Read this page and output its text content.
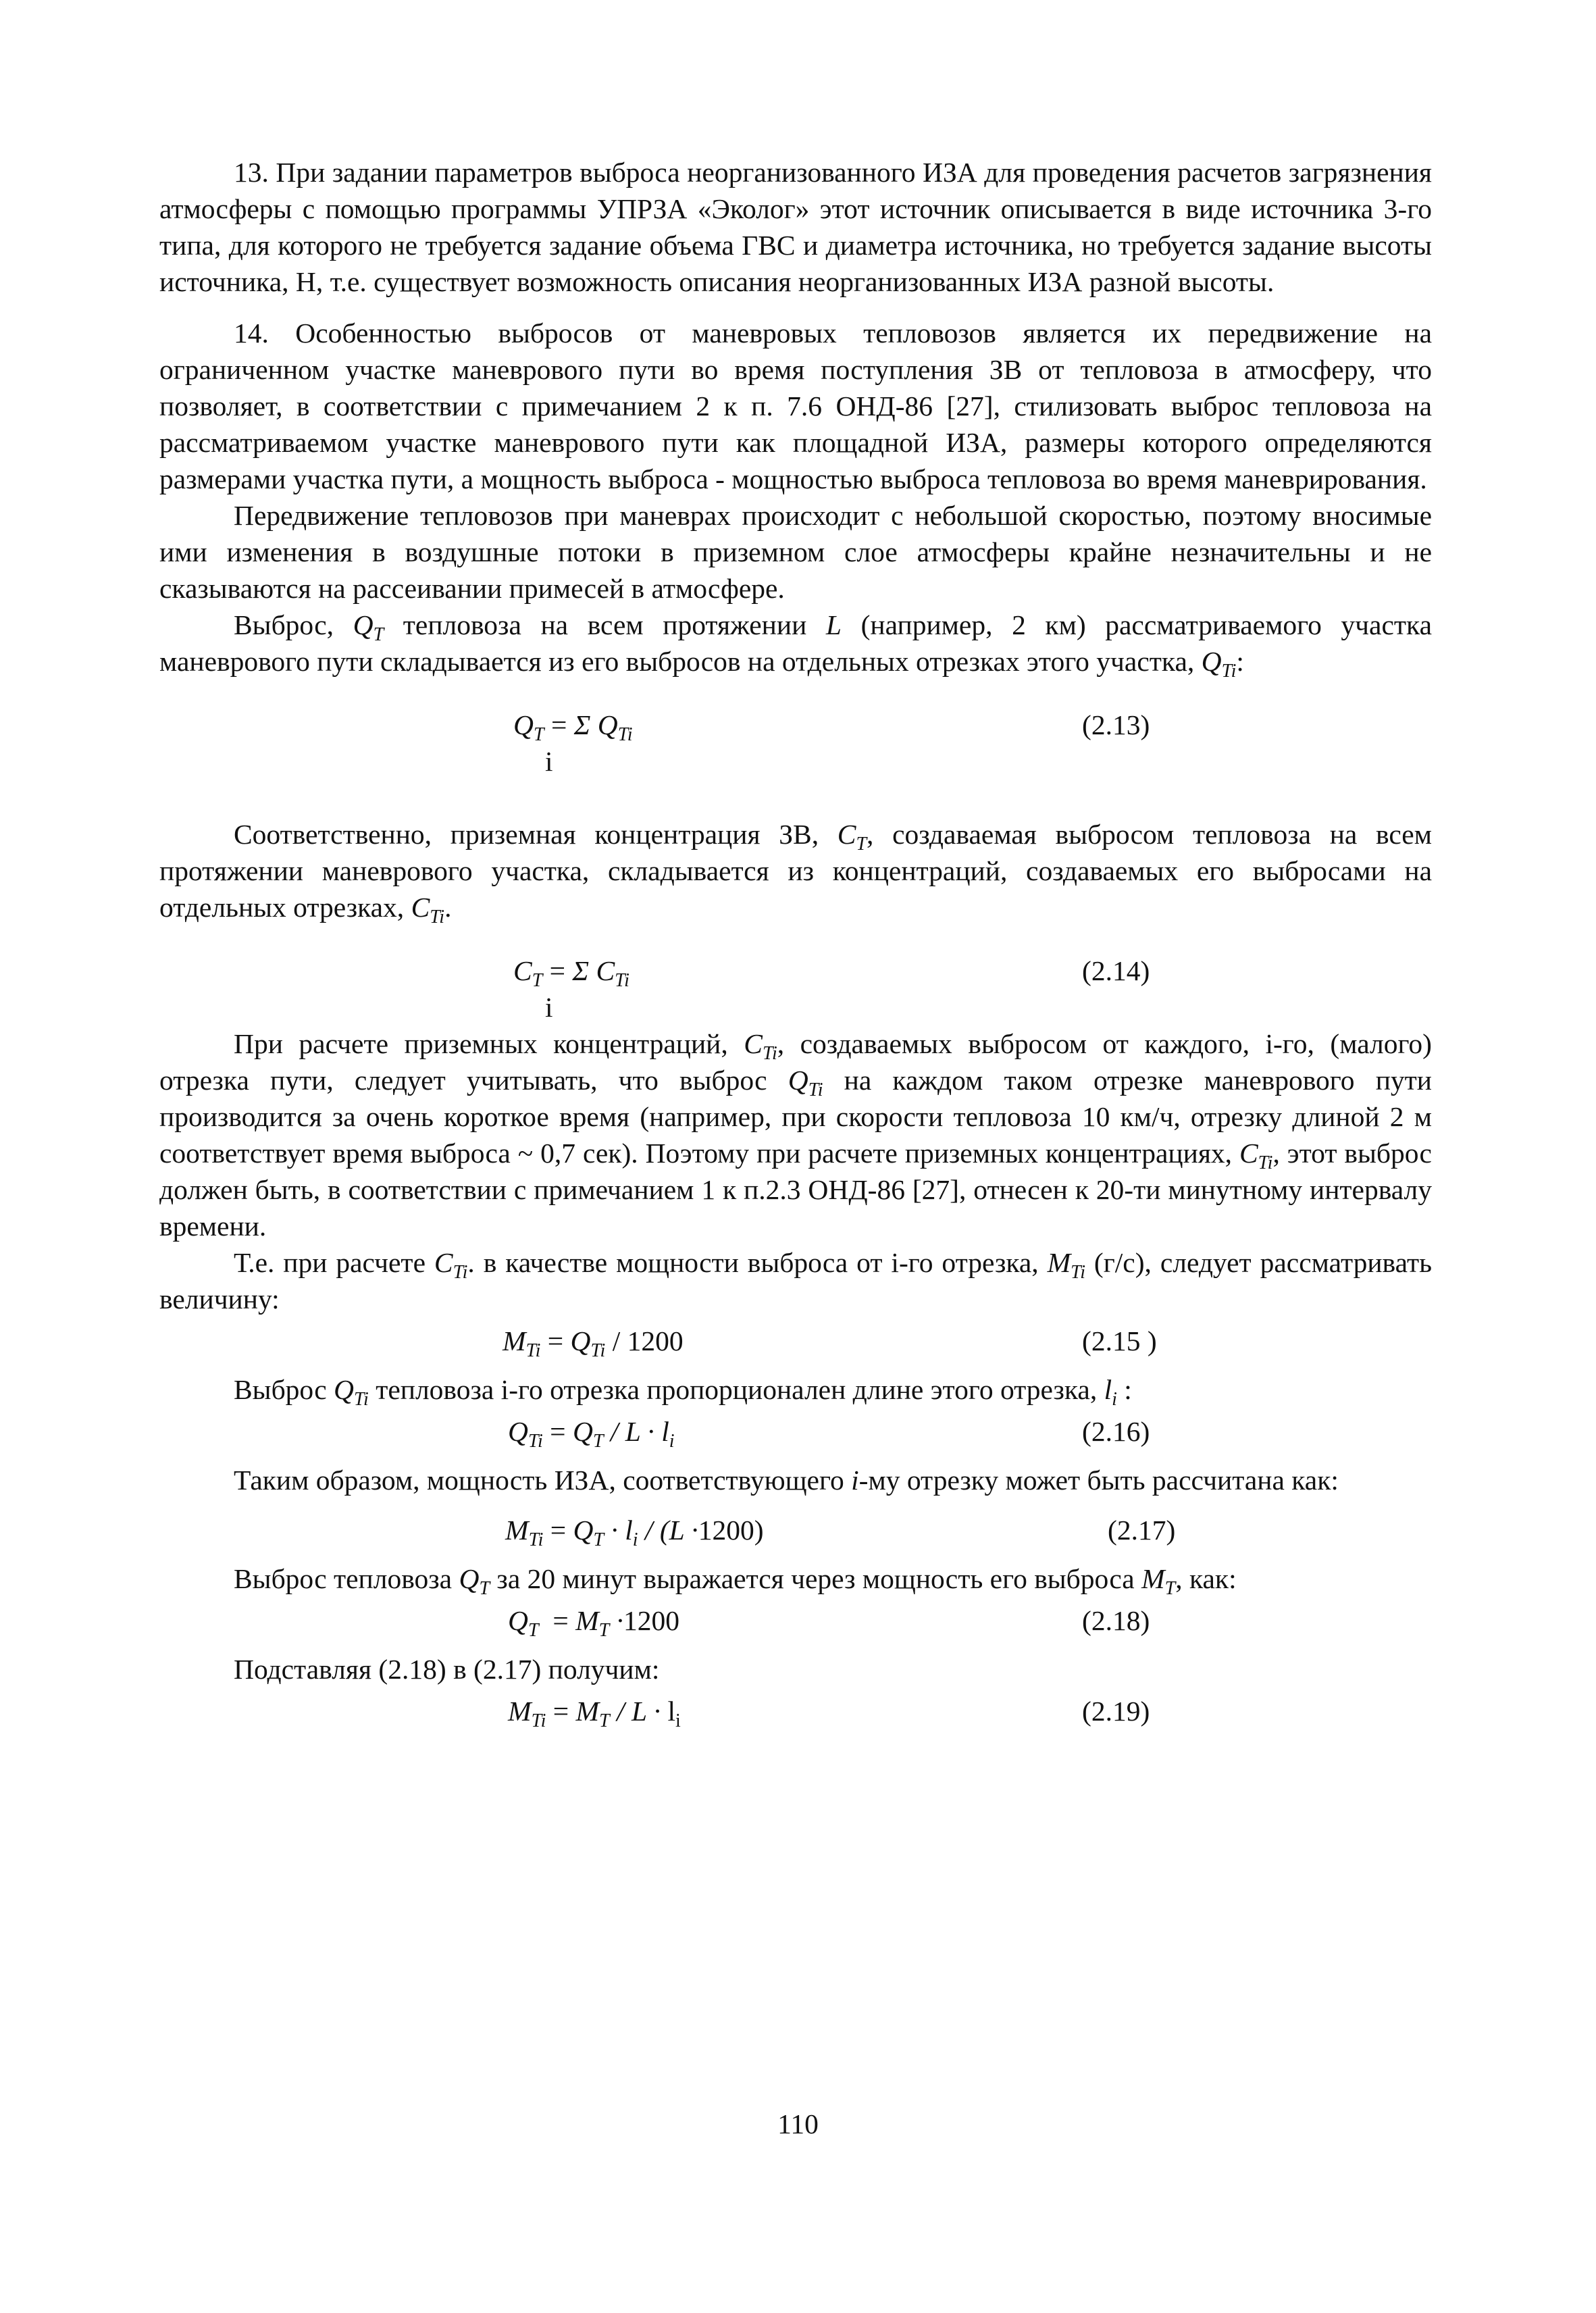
13. При задании параметров выброса неорганизованного ИЗА для проведения расчетов загрязнения атмосферы с помощью программы УПРЗА «Эколог» этот источник описывается в виде источника 3-го типа, для которого не требуется задание объема ГВС и диаметра источника, но требуется задание высоты источника, Н, т.е. существует возможность описания неорганизованных ИЗА разной высоты.

14. Особенностью выбросов от маневровых тепловозов является их передвижение на ограниченном участке маневрового пути во время поступления ЗВ от тепловоза в атмосферу, что позволяет, в соответствии с примечанием 2 к п. 7.6 ОНД-86 [27], стилизовать выброс тепловоза на рассматриваемом участке маневрового пути как площадной ИЗА, размеры которого определяются размерами участка пути, а мощность выброса - мощностью выброса тепловоза во время маневрирования.

Передвижение тепловозов при маневрах происходит с небольшой скоростью, поэтому вносимые ими изменения в воздушные потоки в приземном слое атмосферы крайне незначительны и не сказываются на рассеивании примесей в атмосфере.

Выброс, $Q_T$ тепловоза на всем протяжении L (например, 2 км) рассматриваемого участка маневрового пути складывается из его выбросов на отдельных отрезках этого участка, $Q_{Ti}$:

$Q_T = \Sigma$ $Q_{Ti}$
i
(2.13)

Соответственно, приземная концентрация ЗВ, $C_T$, создаваемая выбросом тепловоза на всем протяжении маневрового участка, складывается из концентраций, создаваемых его выбросами на отдельных отрезках, $C_{Ti}$.

$C_T = \Sigma$ $C_{Ti}$
i
(2.14)

При расчете приземных концентраций, $C_{Ti}$, создаваемых выбросом от каждого, i-го, (малого) отрезка пути, следует учитывать, что выброс $Q_{Ti}$ на каждом таком отрезке маневрового пути производится за очень короткое время (например, при скорости тепловоза 10 км/ч, отрезку длиной 2 м соответствует время выброса ~ 0,7 сек). Поэтому при расчете приземных концентрациях, $C_{Ti}$, этот выброс должен быть, в соответствии с примечанием 1 к п.2.3 ОНД-86 [27], отнесен к 20-ти минутному интервалу времени.

Т.е. при расчете $C_{Ti}$. в качестве мощности выброса от i-го отрезка, $M_{Ti}$ (г/с), следует рассматривать величину:

$M_{Ti} = Q_{Ti} / 1200$	(2.15 )

Выброс $Q_{Ti}$ тепловоза i-го отрезка пропорционален длине этого отрезка, $l_i$ :

$Q_{Ti} = Q_T / L \cdot l_i$	(2.16)

Таким образом, мощность ИЗА, соответствующего i-му отрезку может быть рассчитана как:

$M_{Ti} = Q_T \cdot l_i / (L \cdot 1200)$	(2.17)

Выброс тепловоза $Q_T$ за 20 минут выражается через мощность его выброса $M_T$, как:

$Q_T = M_T \cdot 1200$	(2.18)

Подставляя (2.18) в (2.17) получим:

$M_{Ti} = M_T / L \cdot l_i$	(2.19)
110
